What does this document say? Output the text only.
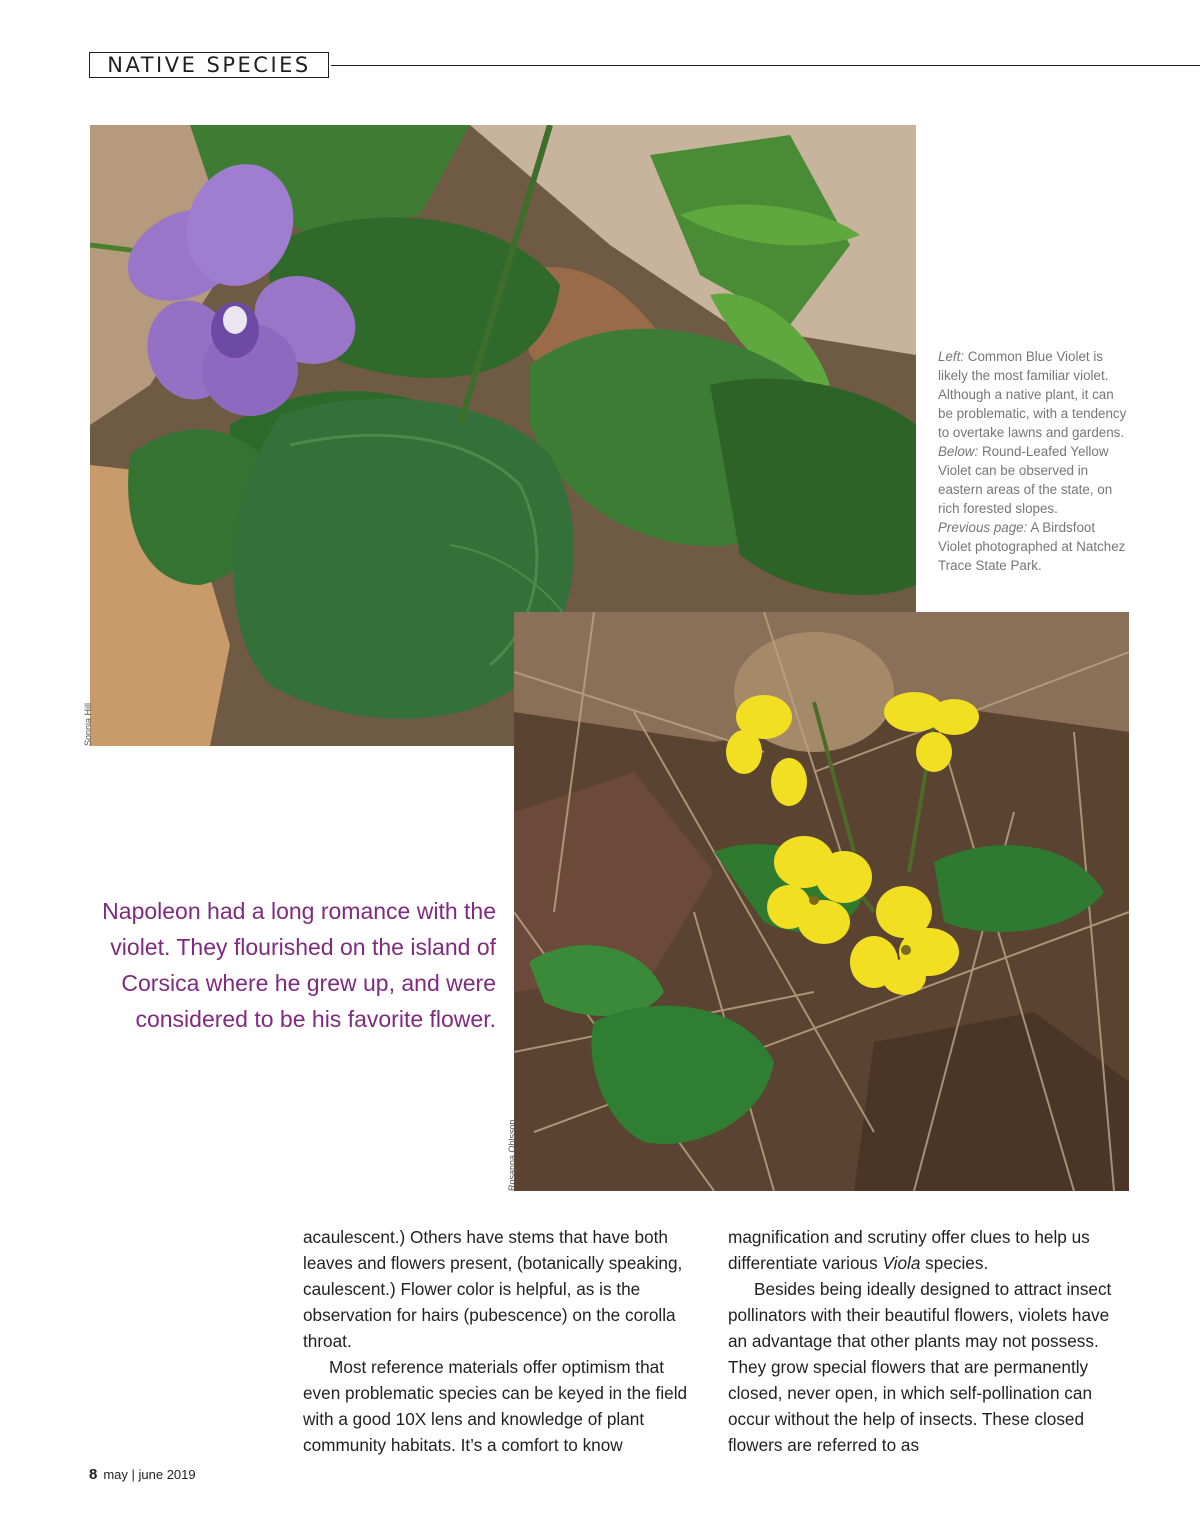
NATIVE SPECIES
Sonnia Hill
Left: Common Blue Violet is likely the most familiar violet. Although a native plant, it can be problematic, with a tendency to overtake lawns and gardens.
Below: Round-Leafed Yellow Violet can be observed in eastern areas of the state, on rich forested slopes.
Previous page: A Birdsfoot Violet photographed at Natchez Trace State Park.
Rosanna Ohlsson
Napoleon had a long romance with the violet. They flourished on the island of Corsica where he grew up, and were considered to be his favorite flower.

acaulescent.) Others have stems that have both leaves and flowers present, (botanically speaking, caulescent.) Flower color is helpful, as is the observation for hairs (pubescence) on the corolla throat.

Most reference materials offer optimism that even problematic species can be keyed in the field with a good 10X lens and knowledge of plant community habitats. It’s a comfort to know

magnification and scrutiny offer clues to help us differentiate various Viola species.

Besides being ideally designed to attract insect pollinators with their beautiful flowers, violets have an advantage that other plants may not possess. They grow special flowers that are permanently closed, never open, in which self-pollination can occur without the help of insects. These closed flowers are referred to as

8 may | june 2019
